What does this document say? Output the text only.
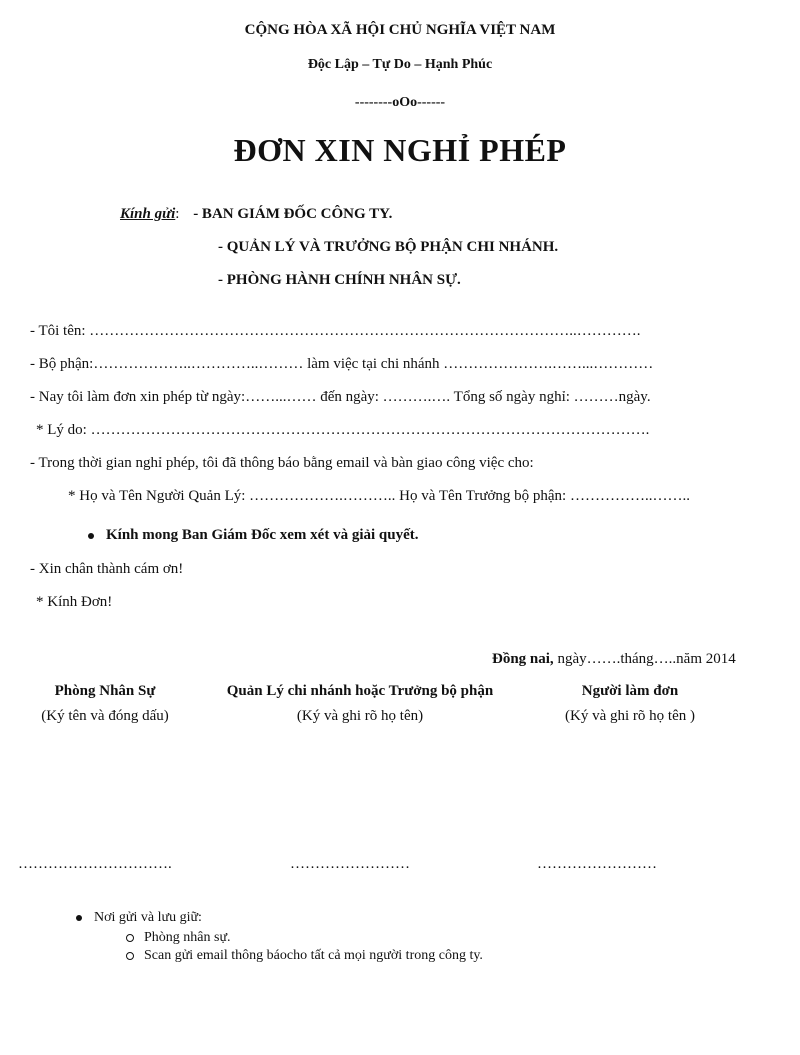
CỘNG HÒA XÃ HỘI CHỦ NGHĨA VIỆT NAM
Độc Lập – Tự Do – Hạnh Phúc
--------oOo------
ĐƠN XIN NGHỈ PHÉP
Kính gửi: - BAN GIÁM ĐỐC CÔNG TY.
- QUẢN LÝ VÀ TRƯỞNG BỘ PHẬN CHI NHÁNH.
- PHÒNG HÀNH CHÍNH NHÂN SỰ.
- Tôi tên: ……………………………………………………………………………………..………….
- Bộ phận:………………..…………..……… làm việc tại chi nhánh ………………….……...…………
- Nay tôi làm đơn xin phép từ ngày:……...…… đến ngày: ……….…. Tổng số ngày nghỉ: ………ngày.
* Lý do: ………………………………………………………………………………………………….
- Trong thời gian nghỉ phép, tôi đã thông báo bằng email và bàn giao công việc cho:
* Họ và Tên Người Quản Lý: ……………….……….. Họ và Tên Trưởng bộ phận: ……………..……..
Kính mong Ban Giám Đốc xem xét và giải quyết.
- Xin chân thành cám ơn!
* Kính Đơn!
Đồng nai, ngày…….tháng…..năm 2014
Phòng Nhân Sự
(Ký tên và đóng dấu)
Quản Lý chi nhánh hoặc Trưởng bộ phận
(Ký và ghi rõ họ tên)
Người làm đơn
(Ký và ghi rõ họ tên )
………………………….	……………………	……………………
Nơi gửi và lưu giữ:
Phòng nhân sự.
Scan gửi email thông báocho tất cả mọi người trong công ty.
